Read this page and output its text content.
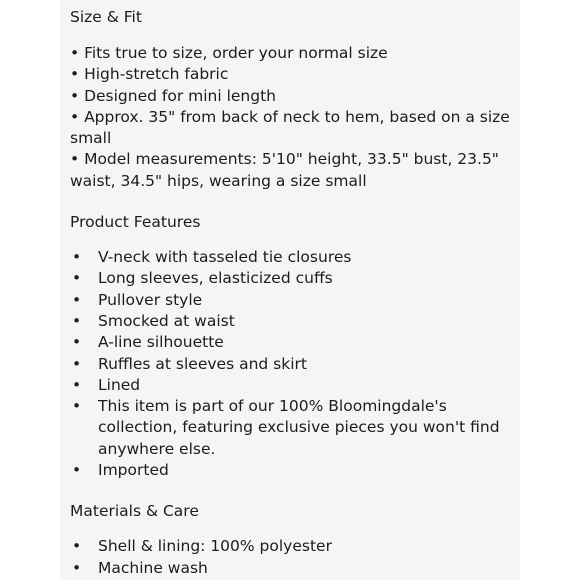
Size & Fit
• Fits true to size, order your normal size
• High-stretch fabric
• Designed for mini length
• Approx. 35" from back of neck to hem, based on a size small
• Model measurements: 5'10" height, 33.5" bust, 23.5" waist, 34.5" hips, wearing a size small
Product Features
• V-neck with tasseled tie closures
• Long sleeves, elasticized cuffs
• Pullover style
• Smocked at waist
• A-line silhouette
• Ruffles at sleeves and skirt
• Lined
• This item is part of our 100% Bloomingdale's collection, featuring exclusive pieces you won't find anywhere else.
• Imported
Materials & Care
• Shell & lining: 100% polyester
• Machine wash
